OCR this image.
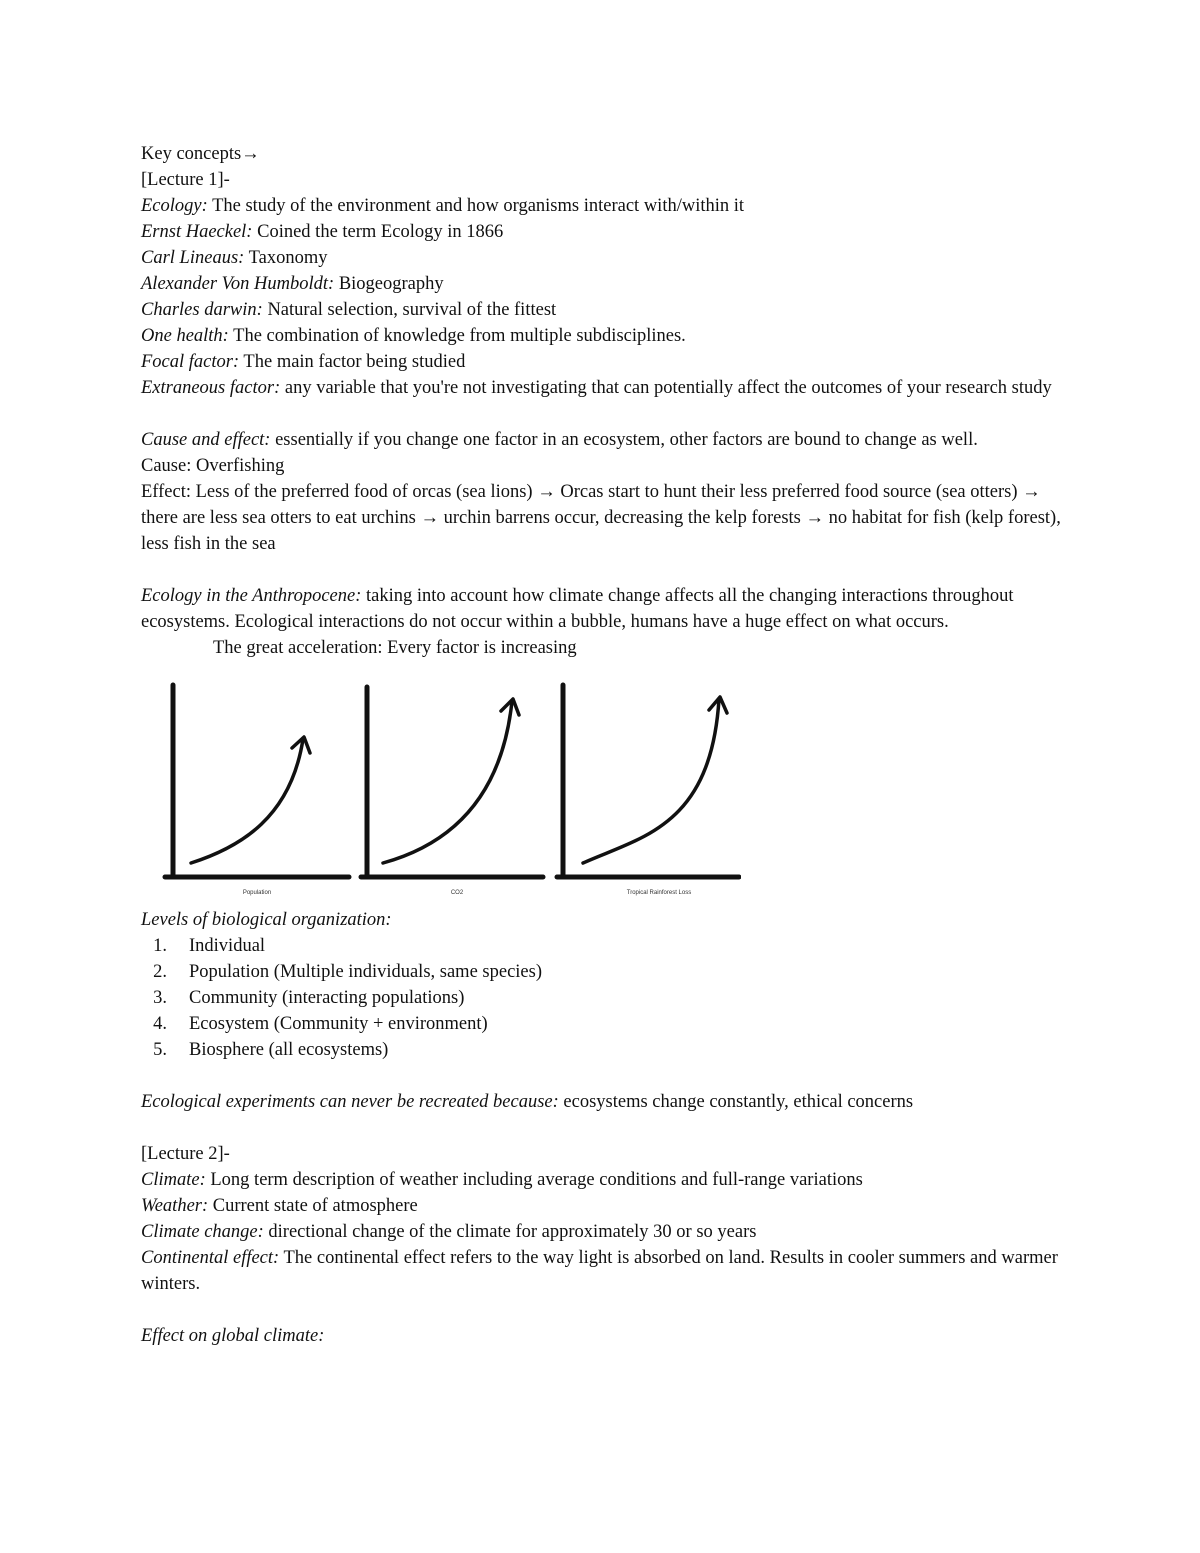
Key concepts→

[Lecture 1]-

Ecology: The study of the environment and how organisms interact with/within it

Ernst Haeckel: Coined the term Ecology in 1866

Carl Lineaus: Taxonomy

Alexander Von Humboldt: Biogeography

Charles darwin: Natural selection, survival of the fittest

One health: The combination of knowledge from multiple subdisciplines.

Focal factor: The main factor being studied

Extraneous factor: any variable that you're not investigating that can potentially affect the outcomes of your research study

Cause and effect: essentially if you change one factor in an ecosystem, other factors are bound to change as well.

Cause: Overfishing

Effect: Less of the preferred food of orcas (sea lions) → Orcas start to hunt their less preferred food source (sea otters) → there are less sea otters to eat urchins → urchin barrens occur, decreasing the kelp forests → no habitat for fish (kelp forest), less fish in the sea

Ecology in the Anthropocene: taking into account how climate change affects all the changing interactions throughout ecosystems. Ecological interactions do not occur within a bubble, humans have a huge effect on what occurs.

The great acceleration: Every factor is increasing

Population	CO2	Tropical Rainforest Loss

Levels of biological organization:

1.	Individual
2.	Population (Multiple individuals, same species)
3.	Community (interacting populations)
4.	Ecosystem (Community + environment)
5.	Biosphere (all ecosystems)

Ecological experiments can never be recreated because: ecosystems change constantly, ethical concerns

[Lecture 2]-

Climate: Long term description of weather including average conditions and full-range variations

Weather: Current state of atmosphere

Climate change: directional change of the climate for approximately 30 or so years

Continental effect: The continental effect refers to the way light is absorbed on land. Results in cooler summers and warmer winters.

Effect on global climate:
